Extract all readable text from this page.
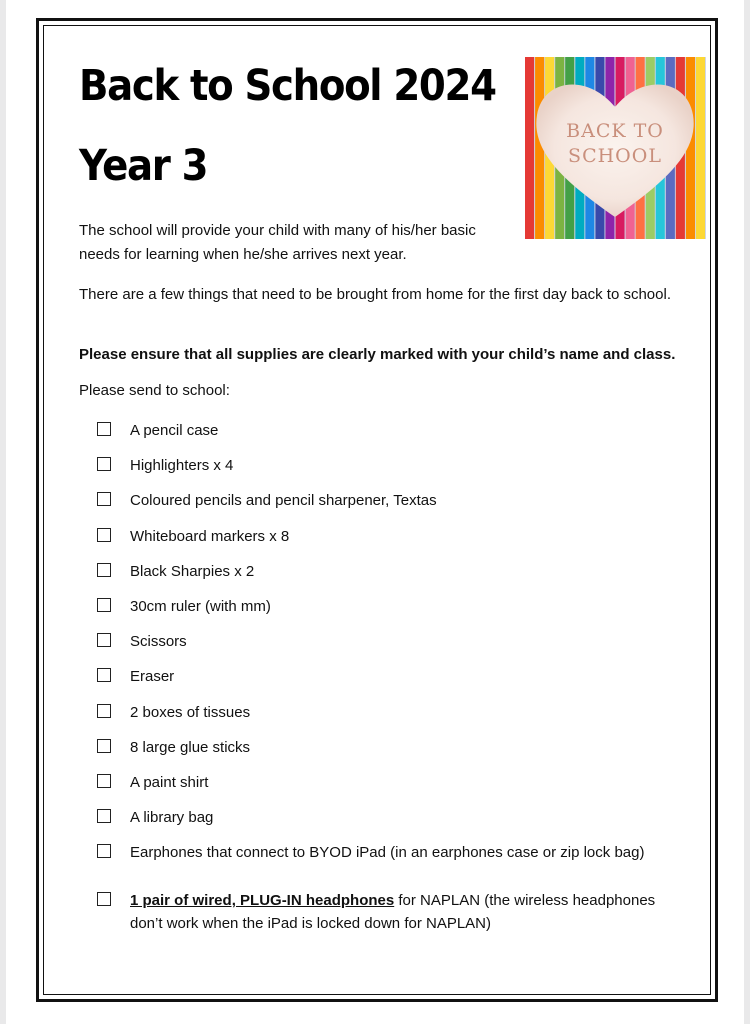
Back to School 2024
Year 3
BACK TO
SCHOOL

The school will provide your child with many of his/her basic needs for learning when he/she arrives next year.

There are a few things that need to be brought from home for the first day back to school.

Please ensure that all supplies are clearly marked with your child’s name and class.

Please send to school:

A pencil case
Highlighters x 4
Coloured pencils and pencil sharpener, Textas
Whiteboard markers x 8
Black Sharpies x 2
30cm ruler (with mm)
Scissors
Eraser
2 boxes of tissues
8 large glue sticks
A paint shirt
A library bag
Earphones that connect to BYOD iPad (in an earphones case or zip lock bag)
1 pair of wired, PLUG-IN headphones for NAPLAN (the wireless headphones don’t work when the iPad is locked down for NAPLAN)
